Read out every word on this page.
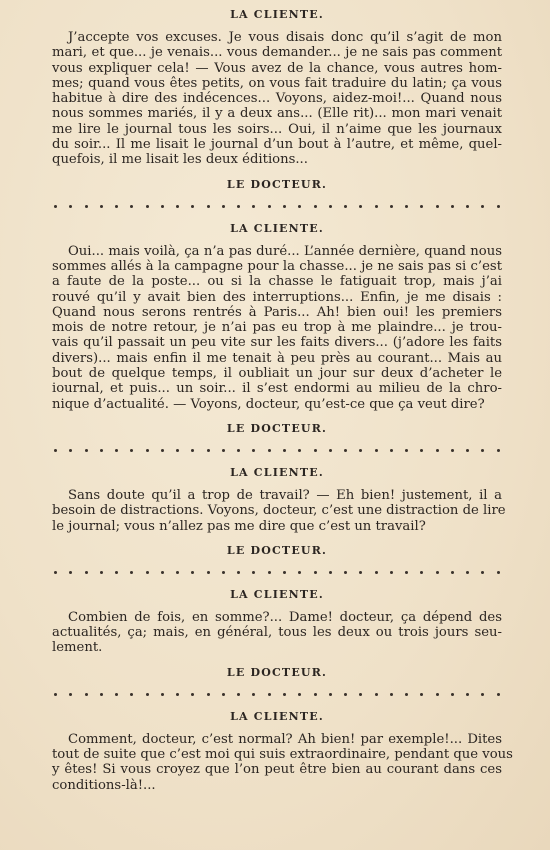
LA CLIENTE.

J’accepte vos excuses. Je vous disais donc qu’il s’agit de mon
mari, et que... je venais... vous demander... je ne sais pas comment
vous expliquer cela! — Vous avez de la chance, vous autres hom-
mes; quand vous êtes petits, on vous fait traduire du latin; ça vous
habitue à dire des indécences... Voyons, aidez-moi!... Quand nous
nous sommes mariés, il y a deux ans... (Elle rit)... mon mari venait
me lire le journal tous les soirs... Oui, il n’aime que les journaux
du soir... Il me lisait le journal d’un bout à l’autre, et même, quel-
quefois, il me lisait les deux éditions...

LE DOCTEUR.

LA CLIENTE.

Oui... mais voilà, ça n’a pas duré... L’année dernière, quand nous
sommes allés à la campagne pour la chasse... je ne sais pas si c’est
a faute de la poste... ou si la chasse le fatiguait trop, mais j’ai
rouvé qu’il y avait bien des interruptions... Enfin, je me disais :
Quand nous serons rentrés à Paris... Ah! bien oui! les premiers
mois de notre retour, je n’ai pas eu trop à me plaindre... je trou-
vais qu’il passait un peu vite sur les faits divers... (j’adore les faits
divers)... mais enfin il me tenait à peu près au courant... Mais au
bout de quelque temps, il oubliait un jour sur deux d’acheter le
iournal, et puis... un soir... il s’est endormi au milieu de la chro-
nique d’actualité. — Voyons, docteur, qu’est-ce que ça veut dire?

LE DOCTEUR.

LA CLIENTE.

Sans doute qu’il a trop de travail? — Eh bien! justement, il a
besoin de distractions. Voyons, docteur, c’est une distraction de lire
le journal; vous n’allez pas me dire que c’est un travail?

LE DOCTEUR.

LA CLIENTE.

Combien de fois, en somme?... Dame! docteur, ça dépend des
actualités, ça; mais, en général, tous les deux ou trois jours seu-
lement.

LE DOCTEUR.

LA CLIENTE.

Comment, docteur, c’est normal? Ah bien! par exemple!... Dites
tout de suite que c’est moi qui suis extraordinaire, pendant que vous
y êtes! Si vous croyez que l’on peut être bien au courant dans ces
conditions-là!...
